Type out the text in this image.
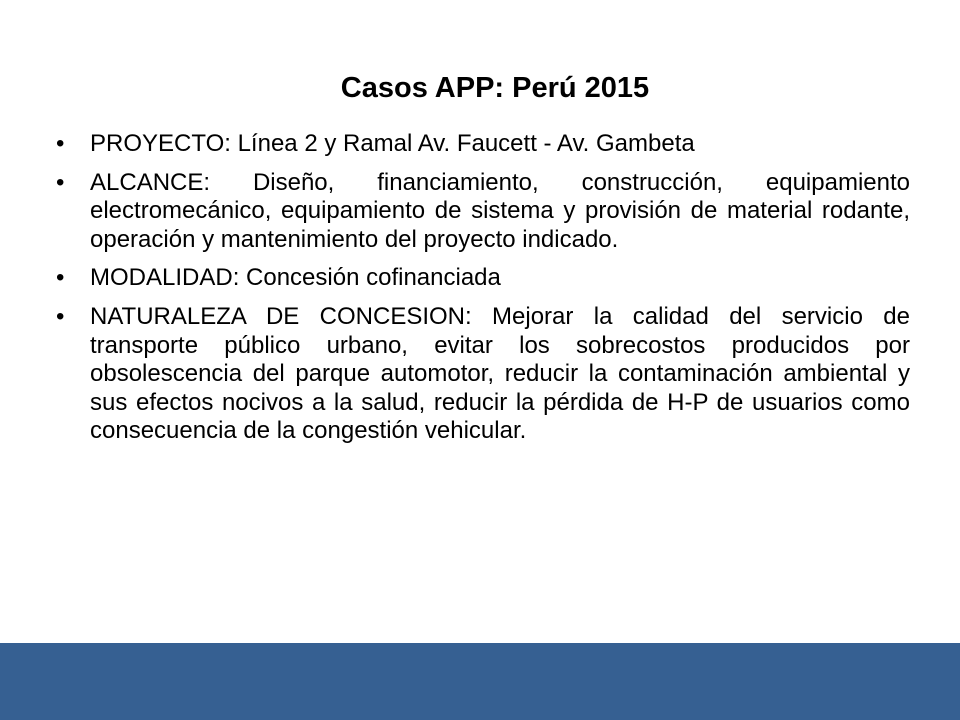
Casos APP: Perú 2015
• PROYECTO: Línea 2 y Ramal Av. Faucett - Av. Gambeta
• ALCANCE: Diseño, financiamiento, construcción, equipamiento electromecánico, equipamiento de sistema y provisión de material rodante, operación y mantenimiento del proyecto indicado.
• MODALIDAD: Concesión cofinanciada
• NATURALEZA DE CONCESION: Mejorar la calidad del servicio de transporte público urbano, evitar los sobrecostos producidos por obsolescencia del parque automotor, reducir la contaminación ambiental y sus efectos nocivos a la salud, reducir la pérdida de H-P de usuarios como consecuencia de la congestión vehicular.
